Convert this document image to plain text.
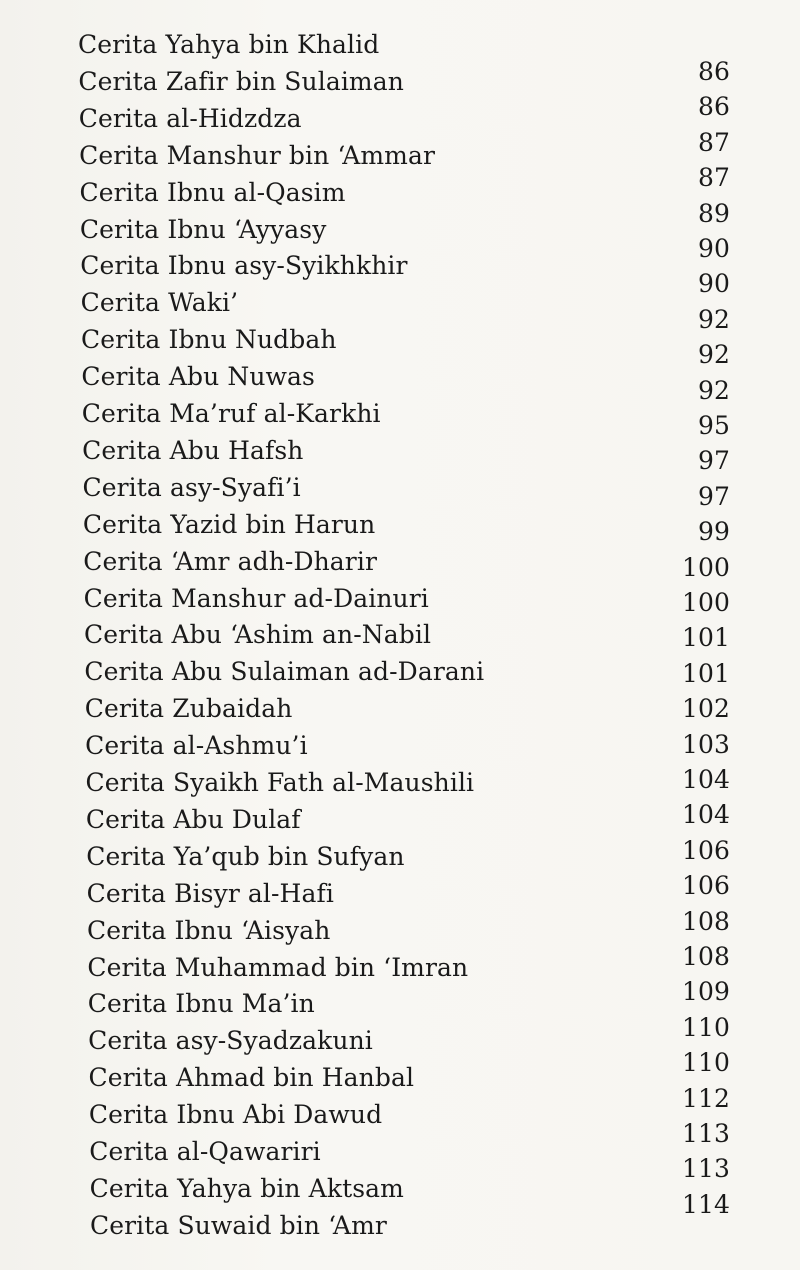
Cerita Yahya bin Khalid
Cerita Zafir bin Sulaiman
Cerita al-Hidzdza
Cerita Manshur bin ‘Ammar
Cerita Ibnu al-Qasim
Cerita Ibnu ‘Ayyasy
Cerita Ibnu asy-Syikhkhir
Cerita Waki’
Cerita Ibnu Nudbah
Cerita Abu Nuwas
Cerita Ma’ruf al-Karkhi
Cerita Abu Hafsh
Cerita asy-Syafi’i
Cerita Yazid bin Harun
Cerita ‘Amr adh-Dharir
Cerita Manshur ad-Dainuri
Cerita Abu ‘Ashim an-Nabil
Cerita Abu Sulaiman ad-Darani
Cerita Zubaidah
Cerita al-Ashmu’i
Cerita Syaikh Fath al-Maushili
Cerita Abu Dulaf
Cerita Ya’qub bin Sufyan
Cerita Bisyr al-Hafi
Cerita Ibnu ‘Aisyah
Cerita Muhammad bin ‘Imran
Cerita Ibnu Ma’in
Cerita asy-Syadzakuni
Cerita Ahmad bin Hanbal
Cerita Ibnu Abi Dawud
Cerita al-Qawariri
Cerita Yahya bin Aktsam
Cerita Suwaid bin ‘Amr
86
86
87
87
89
90
90
92
92
92
95
97
97
99
100
100
101
101
102
103
104
104
106
106
108
108
109
110
110
112
113
113
114
